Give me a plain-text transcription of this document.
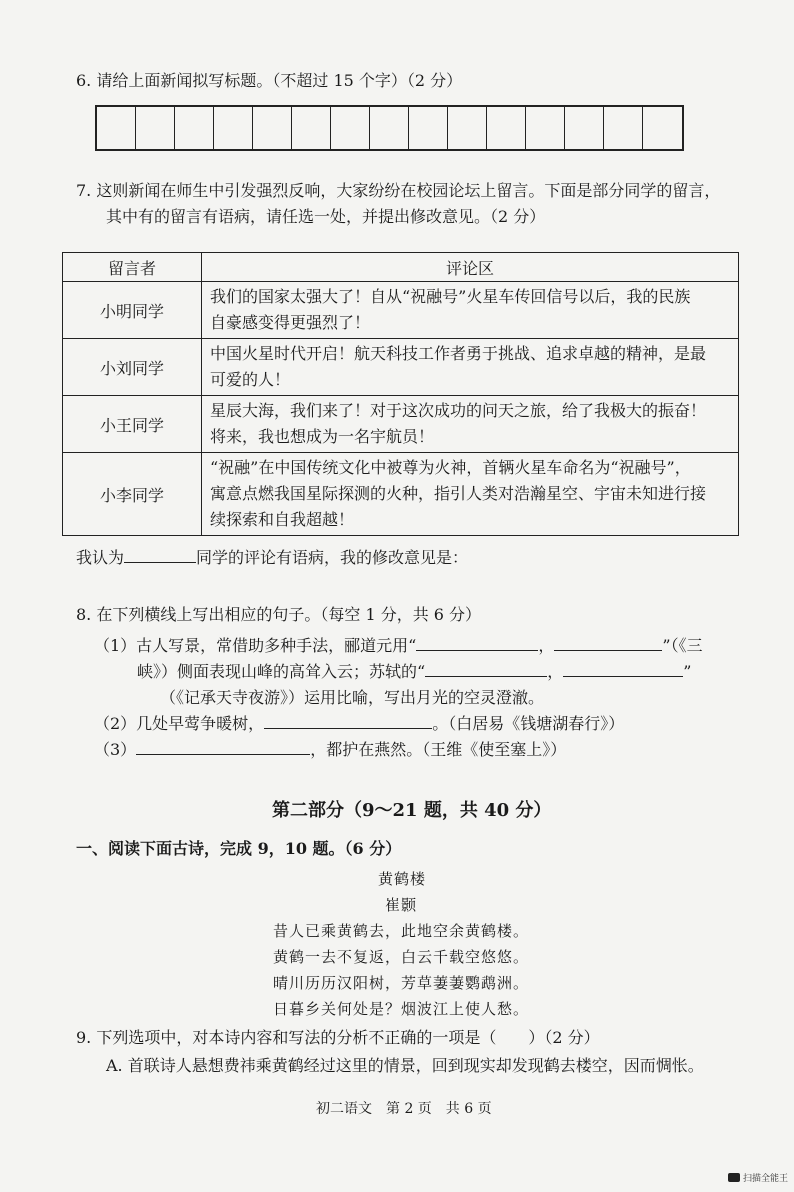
6. 请给上面新闻拟写标题。（不超过 15 个字）（2 分）
7. 这则新闻在师生中引发强烈反响，大家纷纷在校园论坛上留言。下面是部分同学的留言，
其中有的留言有语病，请任选一处，并提出修改意见。（2 分）
留言者	评论区
小明同学	我们的国家太强大了！自从“祝融号”火星车传回信号以后，我的民族
自豪感变得更强烈了！
小刘同学	中国火星时代开启！航天科技工作者勇于挑战、追求卓越的精神，是最
可爱的人！
小王同学	星辰大海，我们来了！对于这次成功的问天之旅，给了我极大的振奋！
将来，我也想成为一名宇航员！
小李同学	“祝融”在中国传统文化中被尊为火神，首辆火星车命名为“祝融号”，
寓意点燃我国星际探测的火种，指引人类对浩瀚星空、宇宙未知进行接
续探索和自我超越！
我认为	同学的评论有语病，我的修改意见是：
8. 在下列横线上写出相应的句子。（每空 1 分，共 6 分）
（1）古人写景，常借助多种手法，郦道元用“	，	”（《三
峡》）侧面表现山峰的高耸入云；苏轼的“	，	”
（《记承天寺夜游》）运用比喻，写出月光的空灵澄澈。
（2）几处早莺争暖树，	。（白居易《钱塘湖春行》）
（3）	，都护在燕然。（王维《使至塞上》）
第二部分（9～21 题，共 40 分）
一、阅读下面古诗，完成 9，10 题。（6 分）
黄鹤楼
崔颢
昔人已乘黄鹤去，此地空余黄鹤楼。
黄鹤一去不复返，白云千载空悠悠。
晴川历历汉阳树，芳草萋萋鹦鹉洲。
日暮乡关何处是？烟波江上使人愁。
9. 下列选项中，对本诗内容和写法的分析不正确的一项是（　　）（2 分）
A. 首联诗人悬想费祎乘黄鹤经过这里的情景，回到现实却发现鹤去楼空，因而惆怅。
初二语文　第 2 页　共 6 页
扫描全能王
